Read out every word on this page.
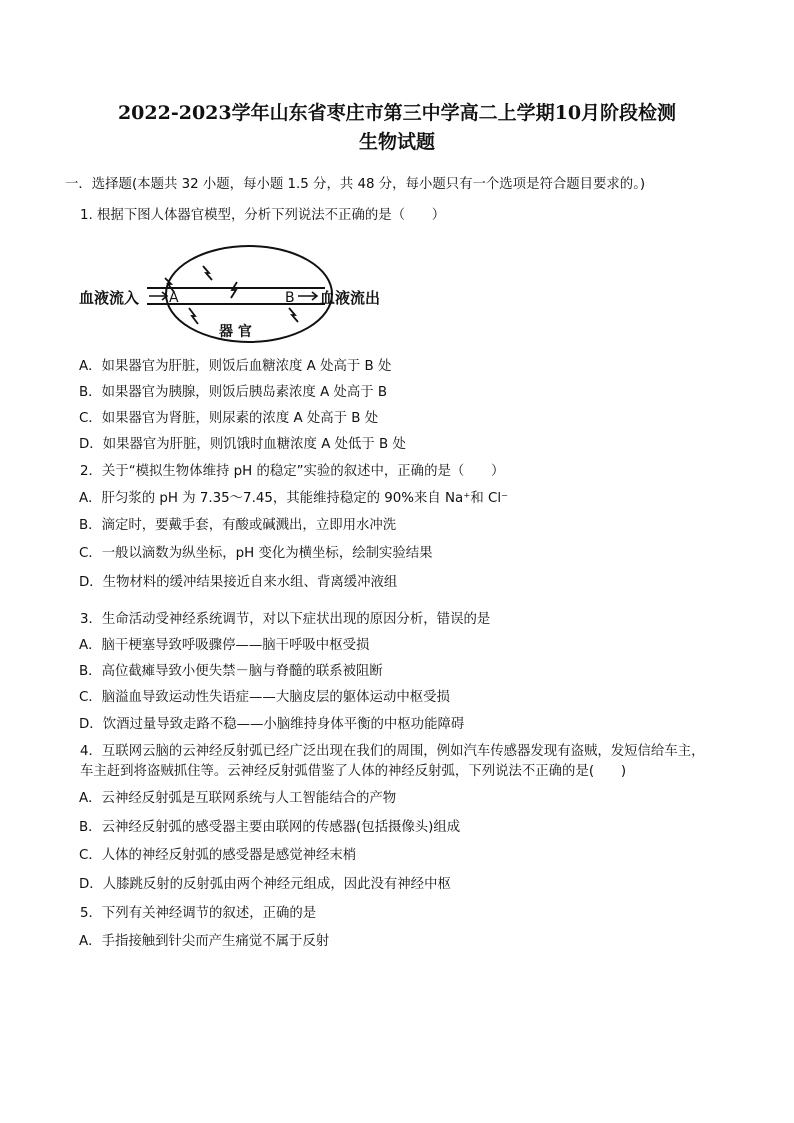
2022-2023学年山东省枣庄市第三中学高二上学期10月阶段检测
生物试题
一．选择题(本题共 32 小题，每小题 1.5 分，共 48 分，每小题只有一个选项是符合题目要求的。)
1. 根据下图人体器官模型，分析下列说法不正确的是（　　）
血液流入 A	B 血液流出
器 官
A．如果器官为肝脏，则饭后血糖浓度 A 处高于 B 处
B．如果器官为胰腺，则饭后胰岛素浓度 A 处高于 B
C．如果器官为肾脏，则尿素的浓度 A 处高于 B 处
D．如果器官为肝脏，则饥饿时血糖浓度 A 处低于 B 处
2．关于“模拟生物体维持 pH 的稳定”实验的叙述中，正确的是（　　）
A．肝匀浆的 pH 为 7.35～7.45，其能维持稳定的 90%来自 Na⁺和 Cl⁻
B．滴定时，要戴手套，有酸或碱溅出，立即用水冲洗
C．一般以滴数为纵坐标，pH 变化为横坐标，绘制实验结果
D．生物材料的缓冲结果接近自来水组、背离缓冲液组
3．生命活动受神经系统调节，对以下症状出现的原因分析，错误的是
A．脑干梗塞导致呼吸骤停——脑干呼吸中枢受损
B．高位截瘫导致小便失禁－脑与脊髓的联系被阻断
C．脑溢血导致运动性失语症——大脑皮层的躯体运动中枢受损
D．饮酒过量导致走路不稳——小脑维持身体平衡的中枢功能障碍
4．互联网云脑的云神经反射弧已经广泛出现在我们的周围，例如汽车传感器发现有盗贼，发短信给车主，车主赶到将盗贼抓住等。云神经反射弧借鉴了人体的神经反射弧，下列说法不正确的是(　　)
A．云神经反射弧是互联网系统与人工智能结合的产物
B．云神经反射弧的感受器主要由联网的传感器(包括摄像头)组成
C．人体的神经反射弧的感受器是感觉神经末梢
D．人膝跳反射的反射弧由两个神经元组成，因此没有神经中枢
5．下列有关神经调节的叙述，正确的是
A．手指接触到针尖而产生痛觉不属于反射
